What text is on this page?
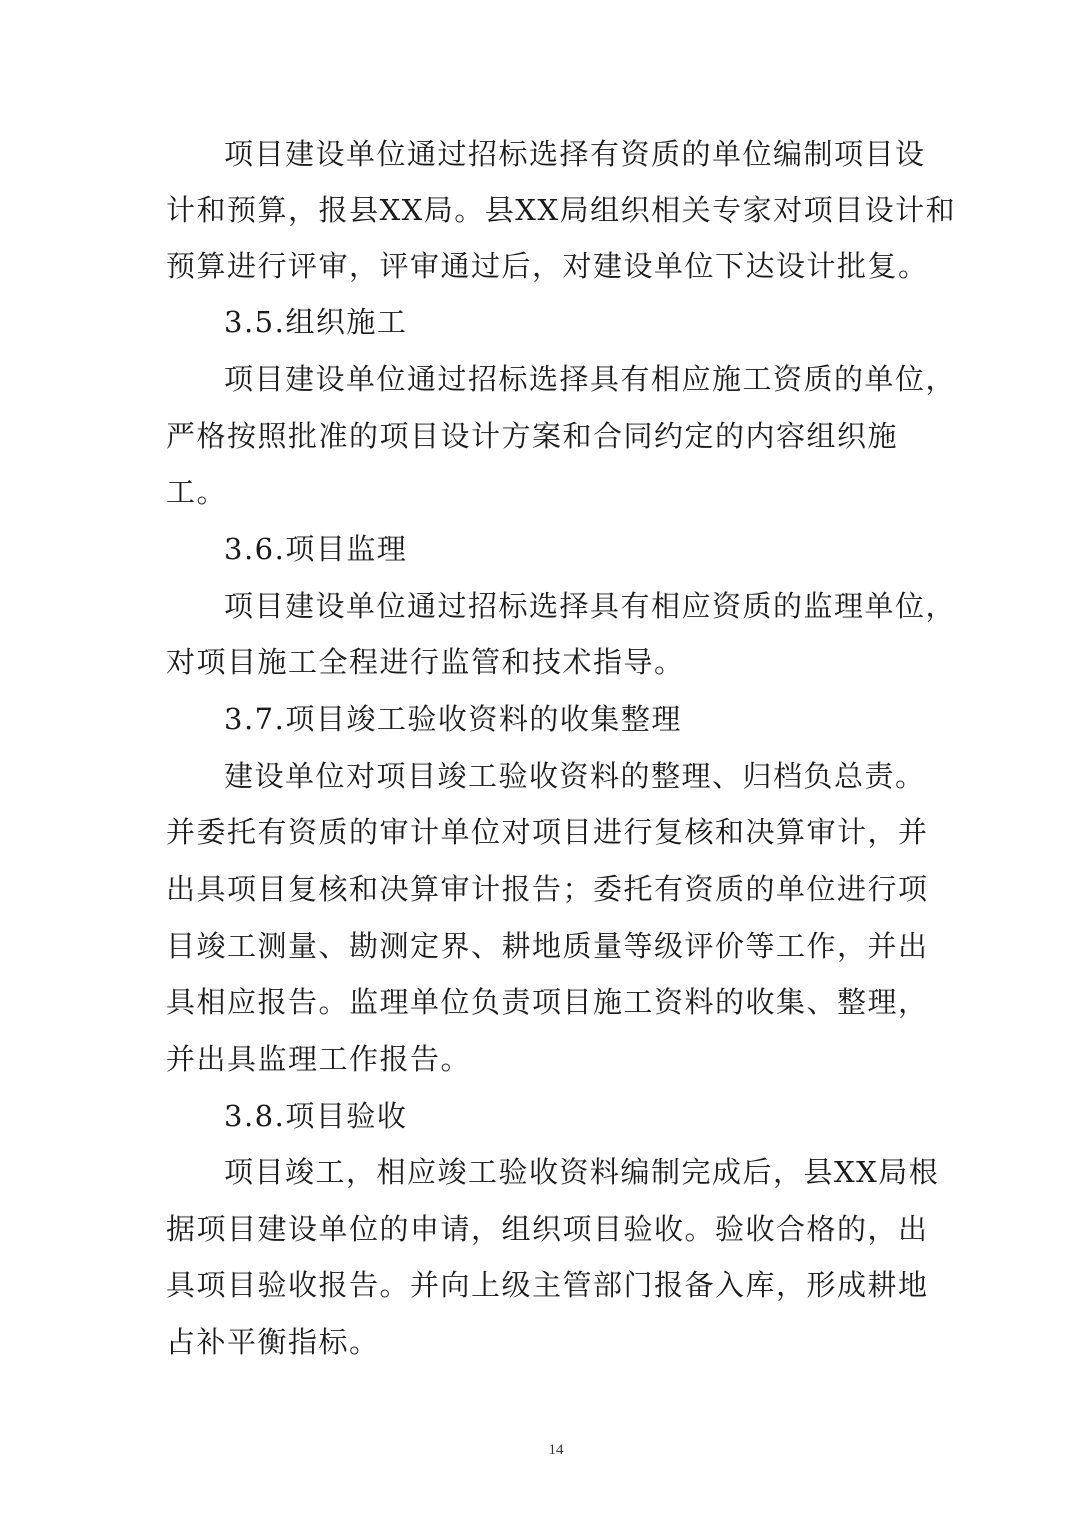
项目建设单位通过招标选择有资质的单位编制项目设
计和预算，报县XX局。县XX局组织相关专家对项目设计和
预算进行评审，评审通过后，对建设单位下达设计批复。
3.5.组织施工
项目建设单位通过招标选择具有相应施工资质的单位，
严格按照批准的项目设计方案和合同约定的内容组织施
工。
3.6.项目监理
项目建设单位通过招标选择具有相应资质的监理单位，
对项目施工全程进行监管和技术指导。
3.7.项目竣工验收资料的收集整理
建设单位对项目竣工验收资料的整理、归档负总责。
并委托有资质的审计单位对项目进行复核和决算审计，并
出具项目复核和决算审计报告；委托有资质的单位进行项
目竣工测量、勘测定界、耕地质量等级评价等工作，并出
具相应报告。监理单位负责项目施工资料的收集、整理，
并出具监理工作报告。
3.8.项目验收
项目竣工，相应竣工验收资料编制完成后，县XX局根
据项目建设单位的申请，组织项目验收。验收合格的，出
具项目验收报告。并向上级主管部门报备入库，形成耕地
占补平衡指标。
14
